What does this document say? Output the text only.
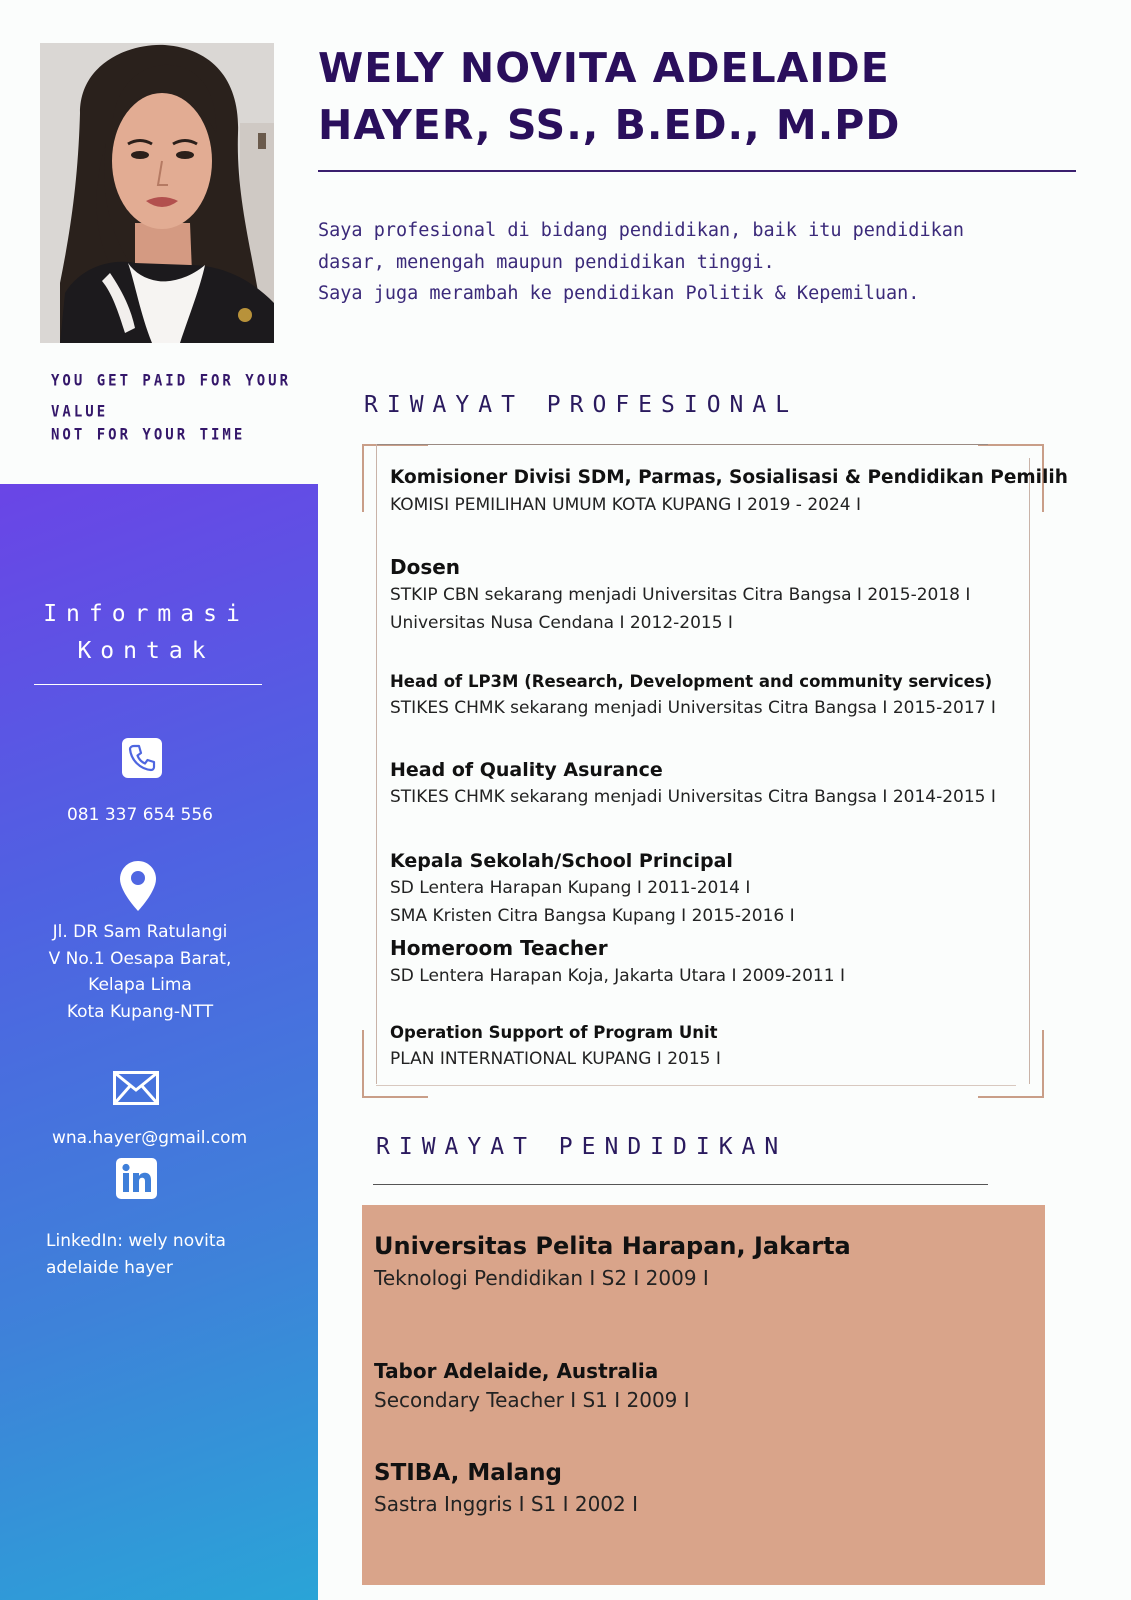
YOU GET PAID FOR YOUR VALUE
NOT FOR YOUR TIME
Informasi
Kontak
081 337 654 556
Jl. DR Sam Ratulangi
V No.1 Oesapa Barat,
Kelapa Lima
Kota Kupang-NTT
wna.hayer@gmail.com
LinkedIn: wely novita
adelaide hayer
WELY NOVITA ADELAIDE
HAYER, SS., B.ED., M.PD
Saya profesional di bidang pendidikan, baik itu pendidikan
dasar, menengah maupun pendidikan tinggi.
Saya juga merambah ke pendidikan Politik & Kepemiluan.
RIWAYAT PROFESIONAL
Komisioner Divisi SDM, Parmas, Sosialisasi & Pendidikan Pemilih
KOMISI PEMILIHAN UMUM KOTA KUPANG I 2019 - 2024 I
Dosen
STKIP CBN sekarang menjadi Universitas Citra Bangsa I 2015-2018 I
Universitas Nusa Cendana I 2012-2015 I
Head of LP3M (Research, Development and community services)
STIKES CHMK sekarang menjadi Universitas Citra Bangsa I 2015-2017 I
Head of Quality Asurance
STIKES CHMK sekarang menjadi Universitas Citra Bangsa I 2014-2015 I
Kepala Sekolah/School Principal
SD Lentera Harapan Kupang I 2011-2014 I
SMA Kristen Citra Bangsa Kupang I 2015-2016 I
Homeroom Teacher
SD Lentera Harapan Koja, Jakarta Utara I 2009-2011 I
Operation Support of Program Unit
PLAN INTERNATIONAL KUPANG I 2015 I
RIWAYAT PENDIDIKAN
Universitas Pelita Harapan, Jakarta
Teknologi Pendidikan I S2 I 2009 I
Tabor Adelaide, Australia
Secondary Teacher I S1 I 2009 I
STIBA, Malang
Sastra Inggris I S1 I 2002 I
